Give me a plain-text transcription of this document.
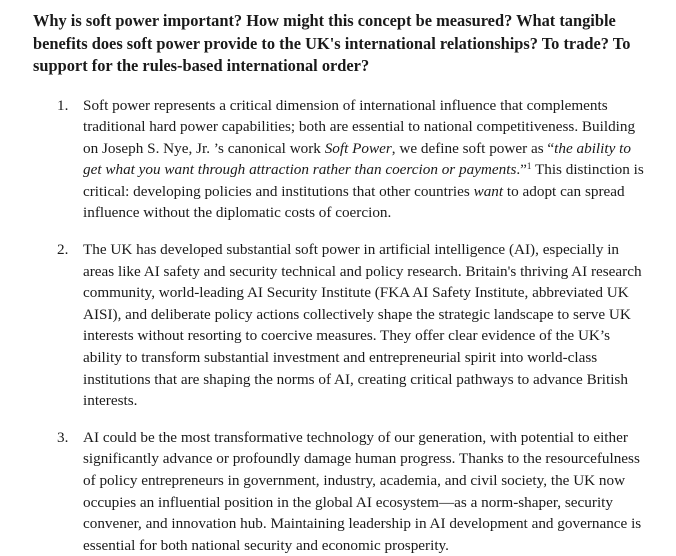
Why is soft power important? How might this concept be measured? What tangible benefits does soft power provide to the UK's international relationships? To trade? To support for the rules-based international order?

1. Soft power represents a critical dimension of international influence that complements traditional hard power capabilities; both are essential to national competitiveness. Building on Joseph S. Nye, Jr. ’s canonical work Soft Power, we define soft power as “the ability to get what you want through attraction rather than coercion or payments.”$^1$ This distinction is critical: developing policies and institutions that other countries want to adopt can spread influence without the diplomatic costs of coercion.
2. The UK has developed substantial soft power in artificial intelligence (AI), especially in areas like AI safety and security technical and policy research. Britain's thriving AI research community, world-leading AI Security Institute (FKA AI Safety Institute, abbreviated UK AISI), and deliberate policy actions collectively shape the strategic landscape to serve UK interests without resorting to coercive measures. They offer clear evidence of the UK’s ability to transform substantial investment and entrepreneurial spirit into world-class institutions that are shaping the norms of AI, creating critical pathways to advance British interests.
3. AI could be the most transformative technology of our generation, with potential to either significantly advance or profoundly damage human progress. Thanks to the resourcefulness of policy entrepreneurs in government, industry, academia, and civil society, the UK now occupies an influential position in the global AI ecosystem—as a norm-shaper, security convener, and innovation hub. Maintaining leadership in AI development and governance is essential for both national security and economic prosperity.
